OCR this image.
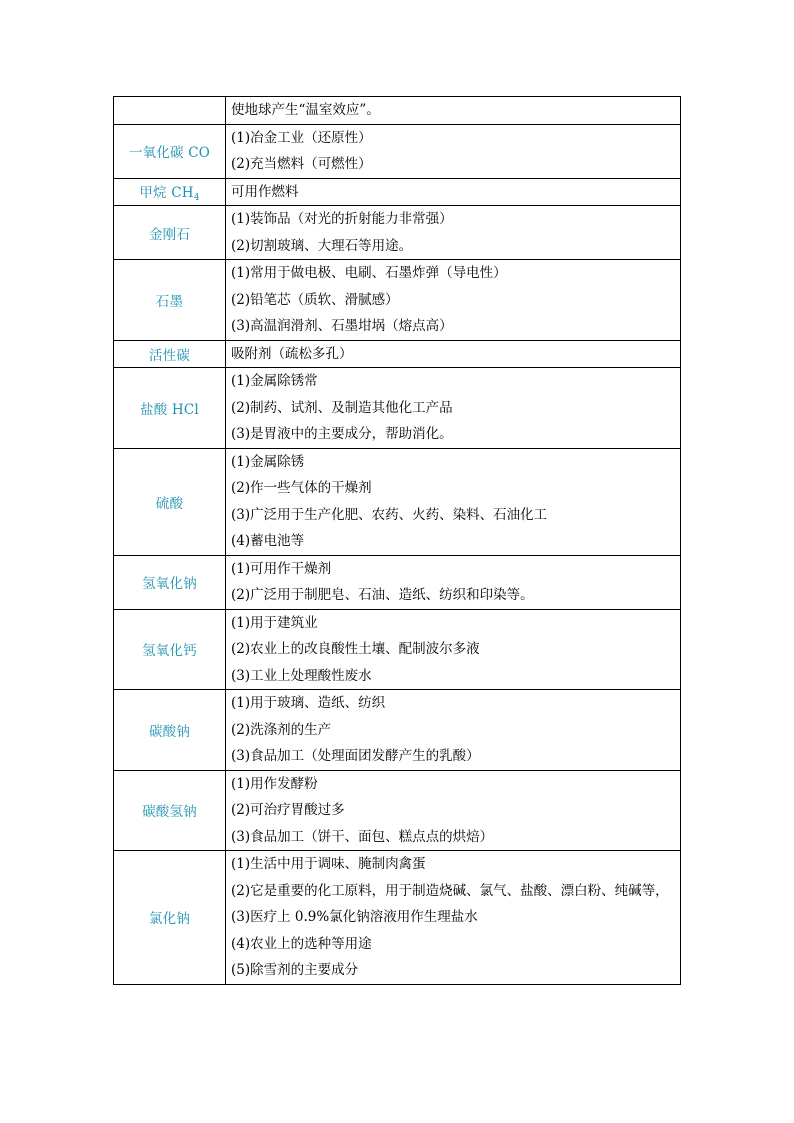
	使地球产生“温室效应”。

一氧化碳 CO	(1)冶金工业（还原性）
(2)充当燃料（可燃性）

甲烷 $CH_4$	可用作燃料

金刚石	(1)装饰品（对光的折射能力非常强）
(2)切割玻璃、大理石等用途。

石墨	(1)常用于做电极、电刷、石墨炸弹（导电性）
(2)铅笔芯（质软、滑腻感）
(3)高温润滑剂、石墨坩埚（熔点高）

活性碳	吸附剂（疏松多孔）

盐酸 HCl	(1)金属除锈常
(2)制药、试剂、及制造其他化工产品
(3)是胃液中的主要成分，帮助消化。

硫酸	(1)金属除锈
(2)作一些气体的干燥剂
(3)广泛用于生产化肥、农药、火药、染料、石油化工
(4)蓄电池等

氢氧化钠	(1)可用作干燥剂
(2)广泛用于制肥皂、石油、造纸、纺织和印染等。

氢氧化钙	(1)用于建筑业
(2)农业上的改良酸性土壤、配制波尔多液
(3)工业上处理酸性废水

碳酸钠	(1)用于玻璃、造纸、纺织
(2)洗涤剂的生产
(3)食品加工（处理面团发酵产生的乳酸）

碳酸氢钠	(1)用作发酵粉
(2)可治疗胃酸过多
(3)食品加工（饼干、面包、糕点点的烘焙）

氯化钠	(1)生活中用于调味、腌制肉禽蛋
(2)它是重要的化工原料，用于制造烧碱、氯气、盐酸、漂白粉、纯碱等，
(3)医疗上 0.9%氯化钠溶液用作生理盐水
(4)农业上的选种等用途
(5)除雪剂的主要成分
